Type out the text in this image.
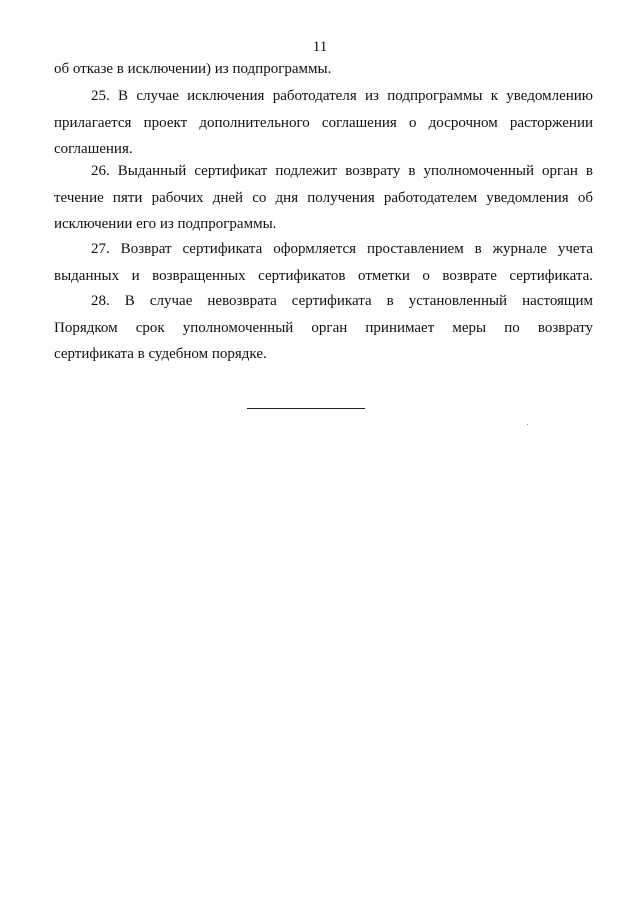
11
об отказе в исключении) из подпрограммы.
25. В случае исключения работодателя из подпрограммы к уведомлению
прилагается проект дополнительного соглашения о досрочном расторжении
соглашения.
26. Выданный сертификат подлежит возврату в уполномоченный орган в
течение пяти рабочих дней со дня получения работодателем уведомления об
исключении его из подпрограммы.
27. Возврат сертификата оформляется проставлением в журнале учета
выданных и возвращенных сертификатов отметки о возврате сертификата.
28. В случае невозврата сертификата в установленный настоящим
Порядком срок уполномоченный орган принимает меры по возврату
сертификата в судебном порядке.
